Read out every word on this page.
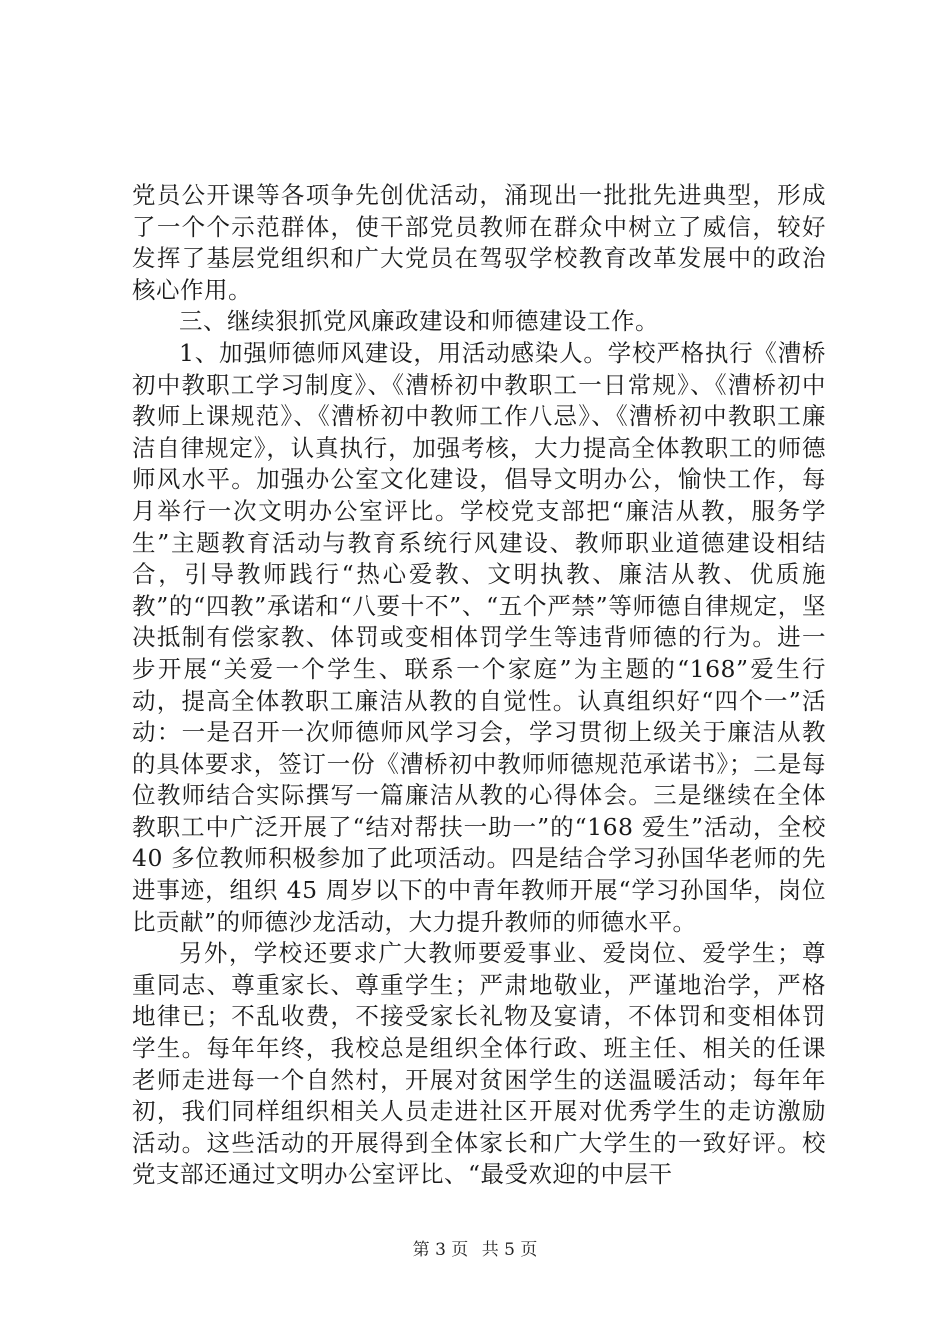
党员公开课等各项争先创优活动，涌现出一批批先进典型，形成了一个个示范群体，使干部党员教师在群众中树立了威信，较好发挥了基层党组织和广大党员在驾驭学校教育改革发展中的政治核心作用。

三、继续狠抓党风廉政建设和师德建设工作。

1、加强师德师风建设，用活动感染人。学校严格执行《漕桥初中教职工学习制度》、《漕桥初中教职工一日常规》、《漕桥初中教师上课规范》、《漕桥初中教师工作八忌》、《漕桥初中教职工廉洁自律规定》，认真执行，加强考核，大力提高全体教职工的师德师风水平。加强办公室文化建设，倡导文明办公，愉快工作，每月举行一次文明办公室评比。学校党支部把“廉洁从教，服务学生”主题教育活动与教育系统行风建设、教师职业道德建设相结合，引导教师践行“热心爱教、文明执教、廉洁从教、优质施教”的“四教”承诺和“八要十不”、“五个严禁”等师德自律规定，坚决抵制有偿家教、体罚或变相体罚学生等违背师德的行为。进一步开展“关爱一个学生、联系一个家庭”为主题的“168”爱生行动，提高全体教职工廉洁从教的自觉性。认真组织好“四个一”活动：一是召开一次师德师风学习会，学习贯彻上级关于廉洁从教的具体要求，签订一份《漕桥初中教师师德规范承诺书》；二是每位教师结合实际撰写一篇廉洁从教的心得体会。三是继续在全体教职工中广泛开展了“结对帮扶一助一”的“168 爱生”活动，全校 40 多位教师积极参加了此项活动。四是结合学习孙国华老师的先进事迹，组织 45 周岁以下的中青年教师开展“学习孙国华，岗位比贡献”的师德沙龙活动，大力提升教师的师德水平。

另外，学校还要求广大教师要爱事业、爱岗位、爱学生；尊重同志、尊重家长、尊重学生；严肃地敬业，严谨地治学，严格地律已；不乱收费，不接受家长礼物及宴请，不体罚和变相体罚学生。每年年终，我校总是组织全体行政、班主任、相关的任课老师走进每一个自然村，开展对贫困学生的送温暖活动；每年年初，我们同样组织相关人员走进社区开展对优秀学生的走访激励活动。这些活动的开展得到全体家长和广大学生的一致好评。校党支部还通过文明办公室评比、“最受欢迎的中层干

第 3 页 共 5 页
